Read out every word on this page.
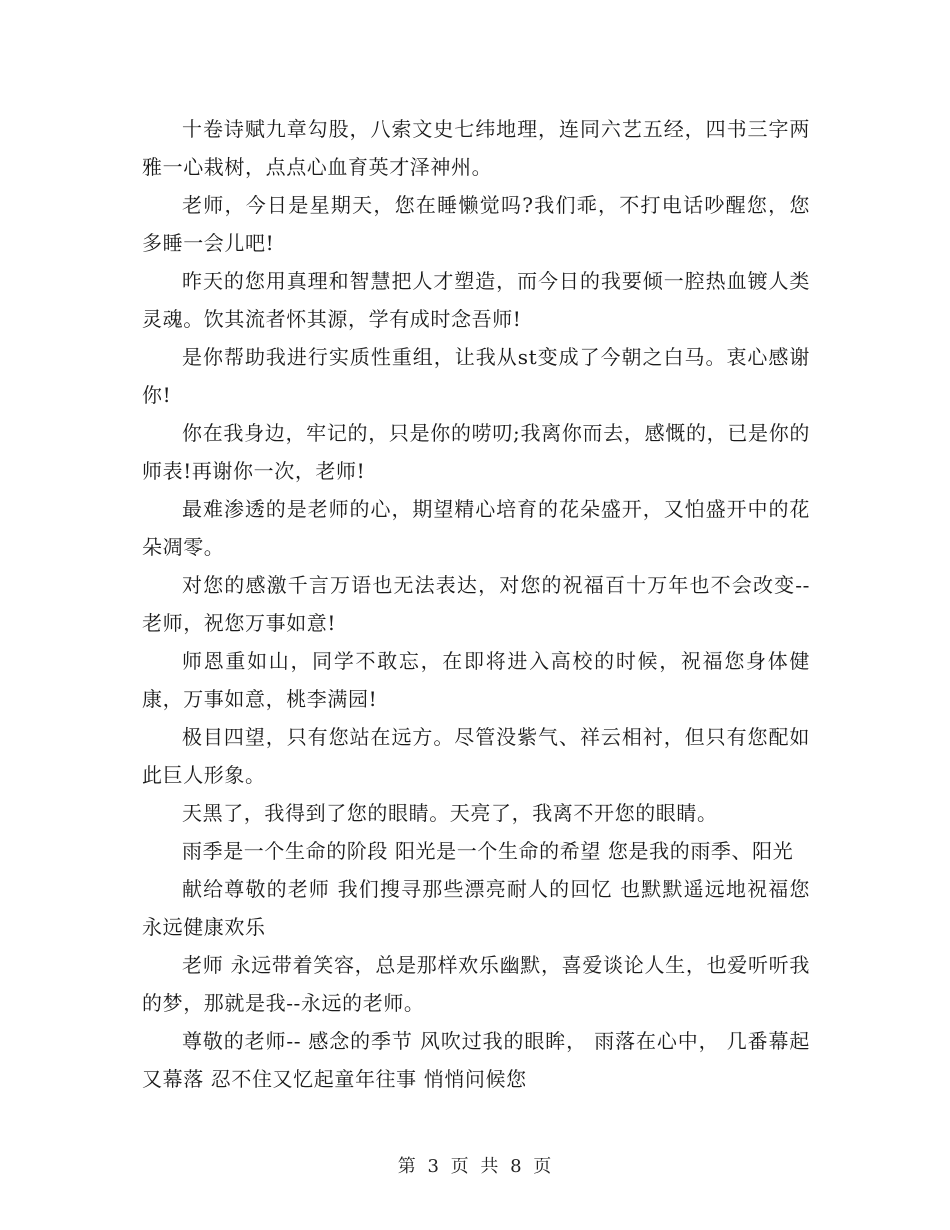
十卷诗赋九章勾股，八索文史七纬地理，连同六艺五经，四书三字两雅一心栽树，点点心血育英才泽神州。

老师，今日是星期天，您在睡懒觉吗?我们乖，不打电话吵醒您，您多睡一会儿吧!

昨天的您用真理和智慧把人才塑造，而今日的我要倾一腔热血镀人类灵魂。饮其流者怀其源，学有成时念吾师!

是你帮助我进行实质性重组，让我从st变成了今朝之白马。衷心感谢你!

你在我身边，牢记的，只是你的唠叨;我离你而去，感慨的，已是你的师表!再谢你一次，老师!

最难渗透的是老师的心，期望精心培育的花朵盛开，又怕盛开中的花朵凋零。

对您的感激千言万语也无法表达，对您的祝福百十万年也不会改变--老师，祝您万事如意!

师恩重如山，同学不敢忘，在即将进入高校的时候，祝福您身体健康，万事如意，桃李满园!

极目四望，只有您站在远方。尽管没紫气、祥云相衬，但只有您配如此巨人形象。

天黑了，我得到了您的眼睛。天亮了，我离不开您的眼睛。

雨季是一个生命的阶段 阳光是一个生命的希望 您是我的雨季、阳光

献给尊敬的老师 我们搜寻那些漂亮耐人的回忆 也默默遥远地祝福您永远健康欢乐

老师 永远带着笑容，总是那样欢乐幽默，喜爱谈论人生，也爱听听我的梦，那就是我--永远的老师。

尊敬的老师-- 感念的季节 风吹过我的眼眸， 雨落在心中， 几番幕起又幕落 忍不住又忆起童年往事 悄悄问候您

第 3 页 共 8 页
